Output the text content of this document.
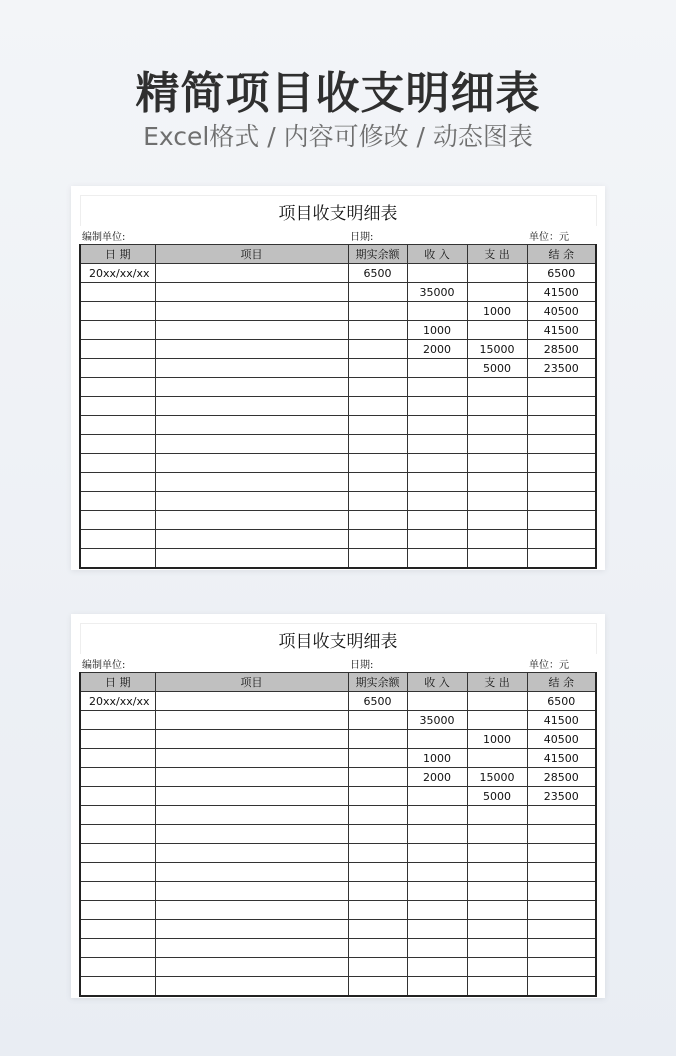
精简项目收支明细表
Excel格式 / 内容可修改 / 动态图表
项目收支明细表					
编制单位:		日期:			单位：元
日 期	项目	期实余额	收 入	支 出	结 余
20xx/xx/xx		6500			6500
			35000		41500
				1000	40500
			1000		41500
			2000	15000	28500
				5000	23500

项目收支明细表					
编制单位:		日期:			单位：元
日 期	项目	期实余额	收 入	支 出	结 余
20xx/xx/xx		6500			6500
			35000		41500
				1000	40500
			1000		41500
			2000	15000	28500
				5000	23500
